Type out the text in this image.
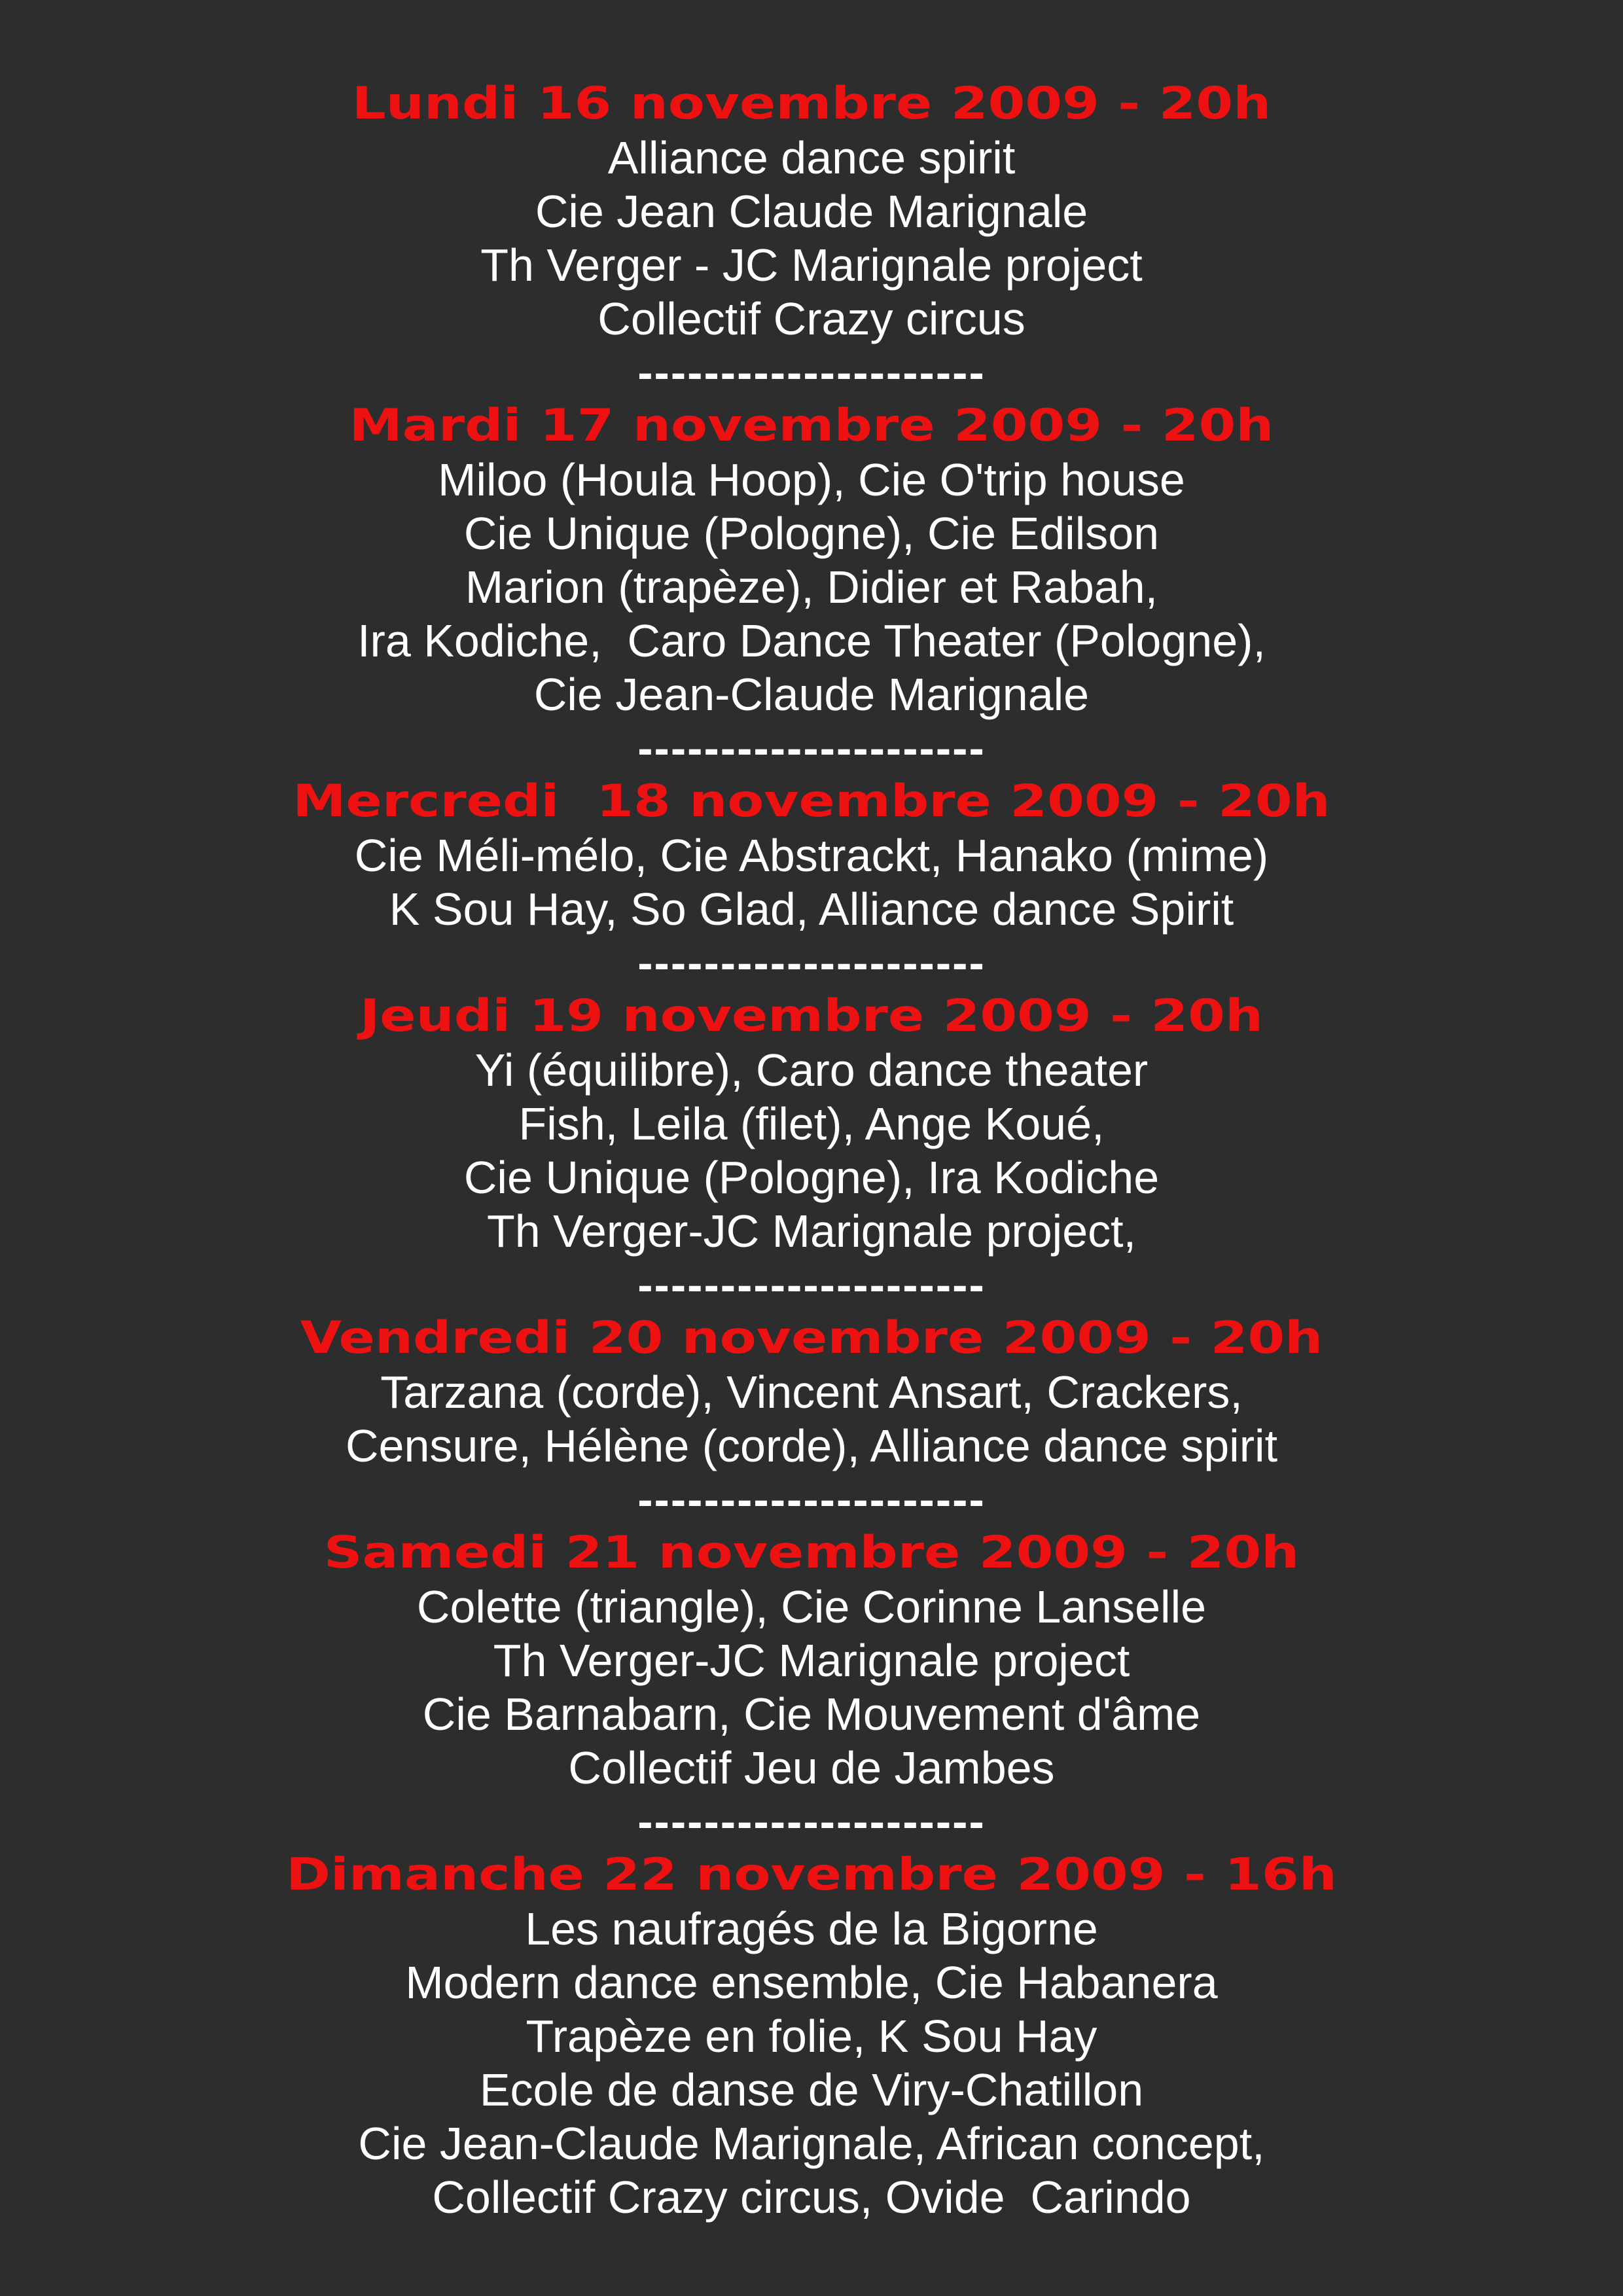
Lundi 16 novembre 2009 - 20h
Alliance dance spirit
Cie Jean Claude Marignale
Th Verger - JC Marignale project
Collectif Crazy circus
---------------------
Mardi 17 novembre 2009 - 20h
Miloo (Houla Hoop), Cie O'trip house
Cie Unique (Pologne), Cie Edilson
Marion (trapèze), Didier et Rabah,
Ira Kodiche,  Caro Dance Theater (Pologne),
Cie Jean-Claude Marignale
---------------------
Mercredi  18 novembre 2009 - 20h
Cie Méli-mélo, Cie Abstrackt, Hanako (mime)
K Sou Hay, So Glad, Alliance dance Spirit
---------------------
Jeudi 19 novembre 2009 - 20h
Yi (équilibre), Caro dance theater
Fish, Leila (filet), Ange Koué,
Cie Unique (Pologne), Ira Kodiche
Th Verger-JC Marignale project,
---------------------
Vendredi 20 novembre 2009 - 20h
Tarzana (corde), Vincent Ansart, Crackers,
Censure, Hélène (corde), Alliance dance spirit
---------------------
Samedi 21 novembre 2009 - 20h
Colette (triangle), Cie Corinne Lanselle
Th Verger-JC Marignale project
Cie Barnabarn, Cie Mouvement d'âme
Collectif Jeu de Jambes
---------------------
Dimanche 22 novembre 2009 - 16h
Les naufragés de la Bigorne
Modern dance ensemble, Cie Habanera
Trapèze en folie, K Sou Hay
Ecole de danse de Viry-Chatillon
Cie Jean-Claude Marignale, African concept,
Collectif Crazy circus, Ovide  Carindo
